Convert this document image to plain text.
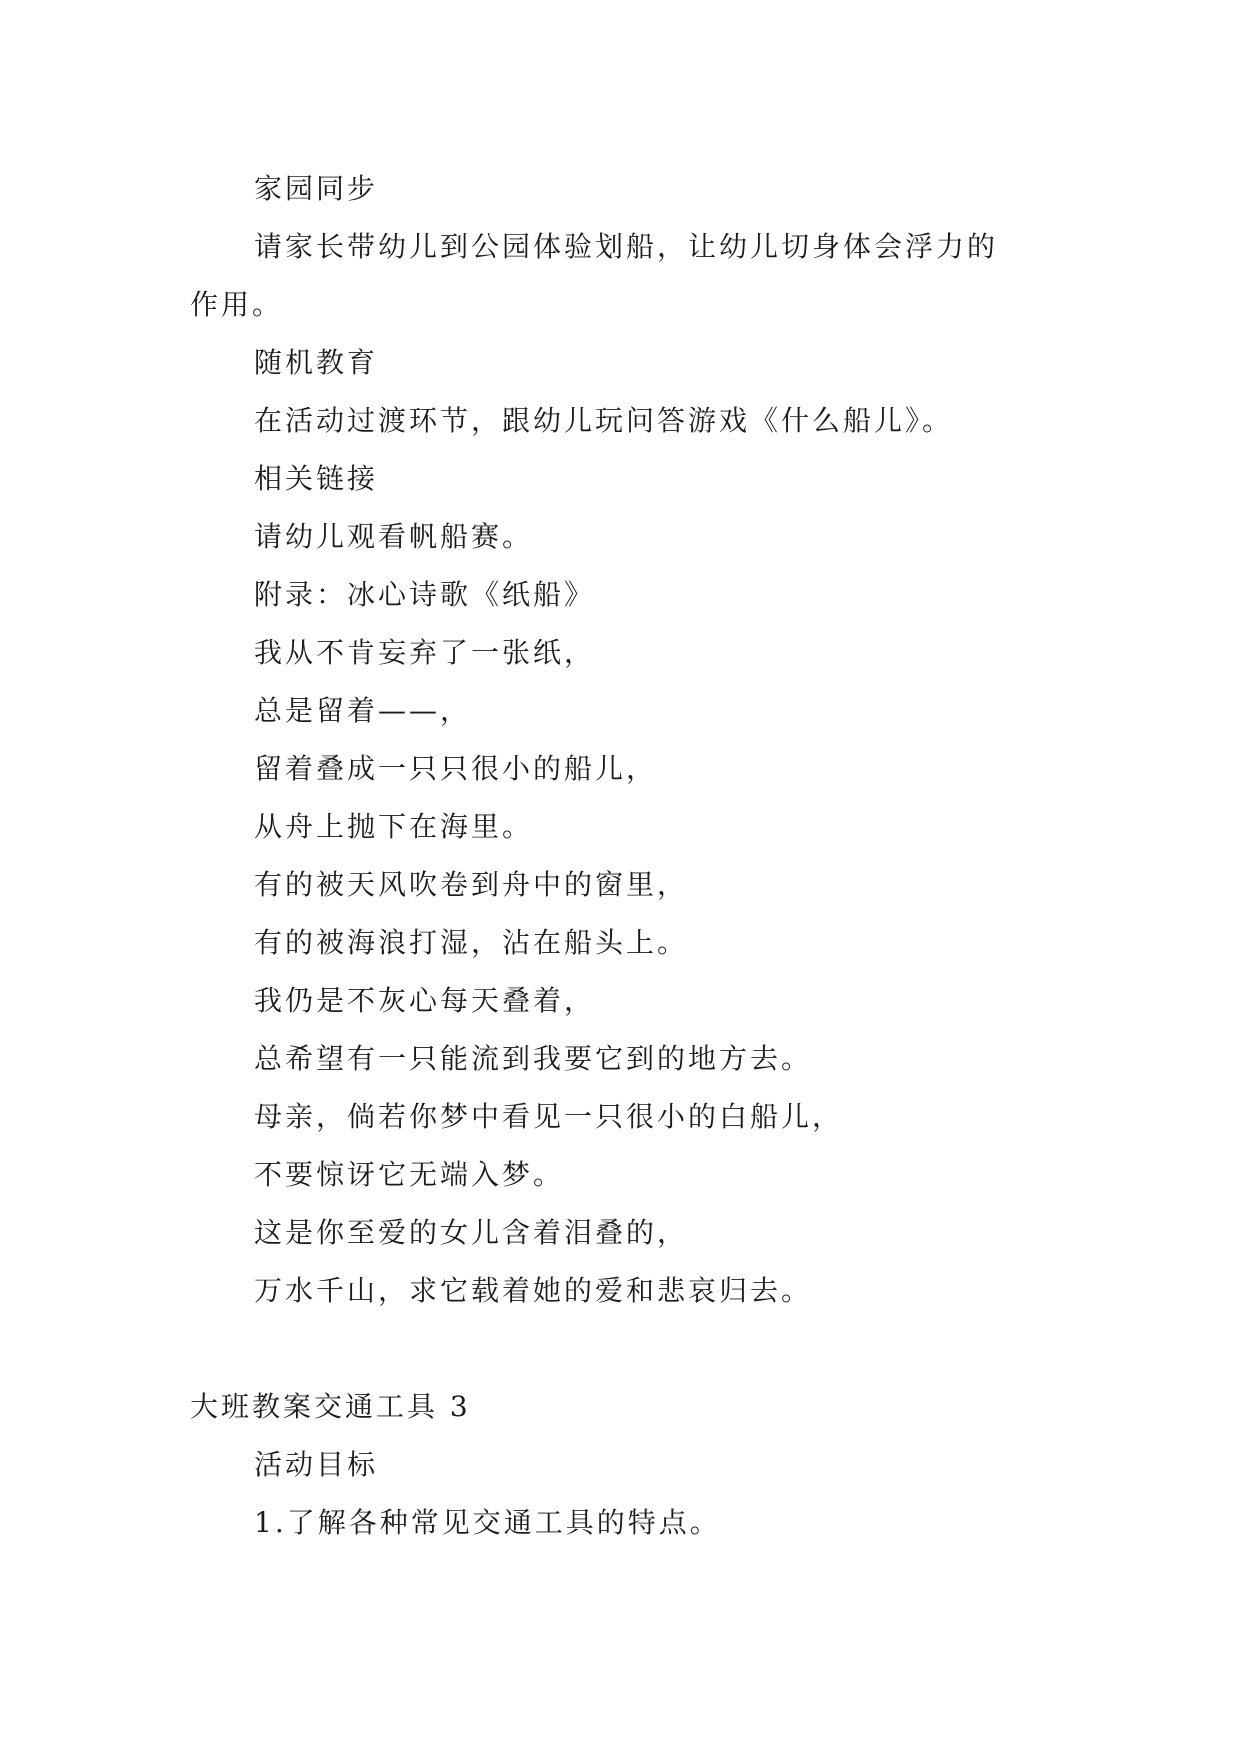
家园同步
请家长带幼儿到公园体验划船，让幼儿切身体会浮力的
作用。
随机教育
在活动过渡环节，跟幼儿玩问答游戏《什么船儿》。
相关链接
请幼儿观看帆船赛。
附录：冰心诗歌《纸船》
我从不肯妄弃了一张纸，
总是留着——，
留着叠成一只只很小的船儿，
从舟上抛下在海里。
有的被天风吹卷到舟中的窗里，
有的被海浪打湿，沾在船头上。
我仍是不灰心每天叠着，
总希望有一只能流到我要它到的地方去。
母亲，倘若你梦中看见一只很小的白船儿，
不要惊讶它无端入梦。
这是你至爱的女儿含着泪叠的，
万水千山，求它载着她的爱和悲哀归去。
大班教案交通工具 3
活动目标
1.了解各种常见交通工具的特点。
